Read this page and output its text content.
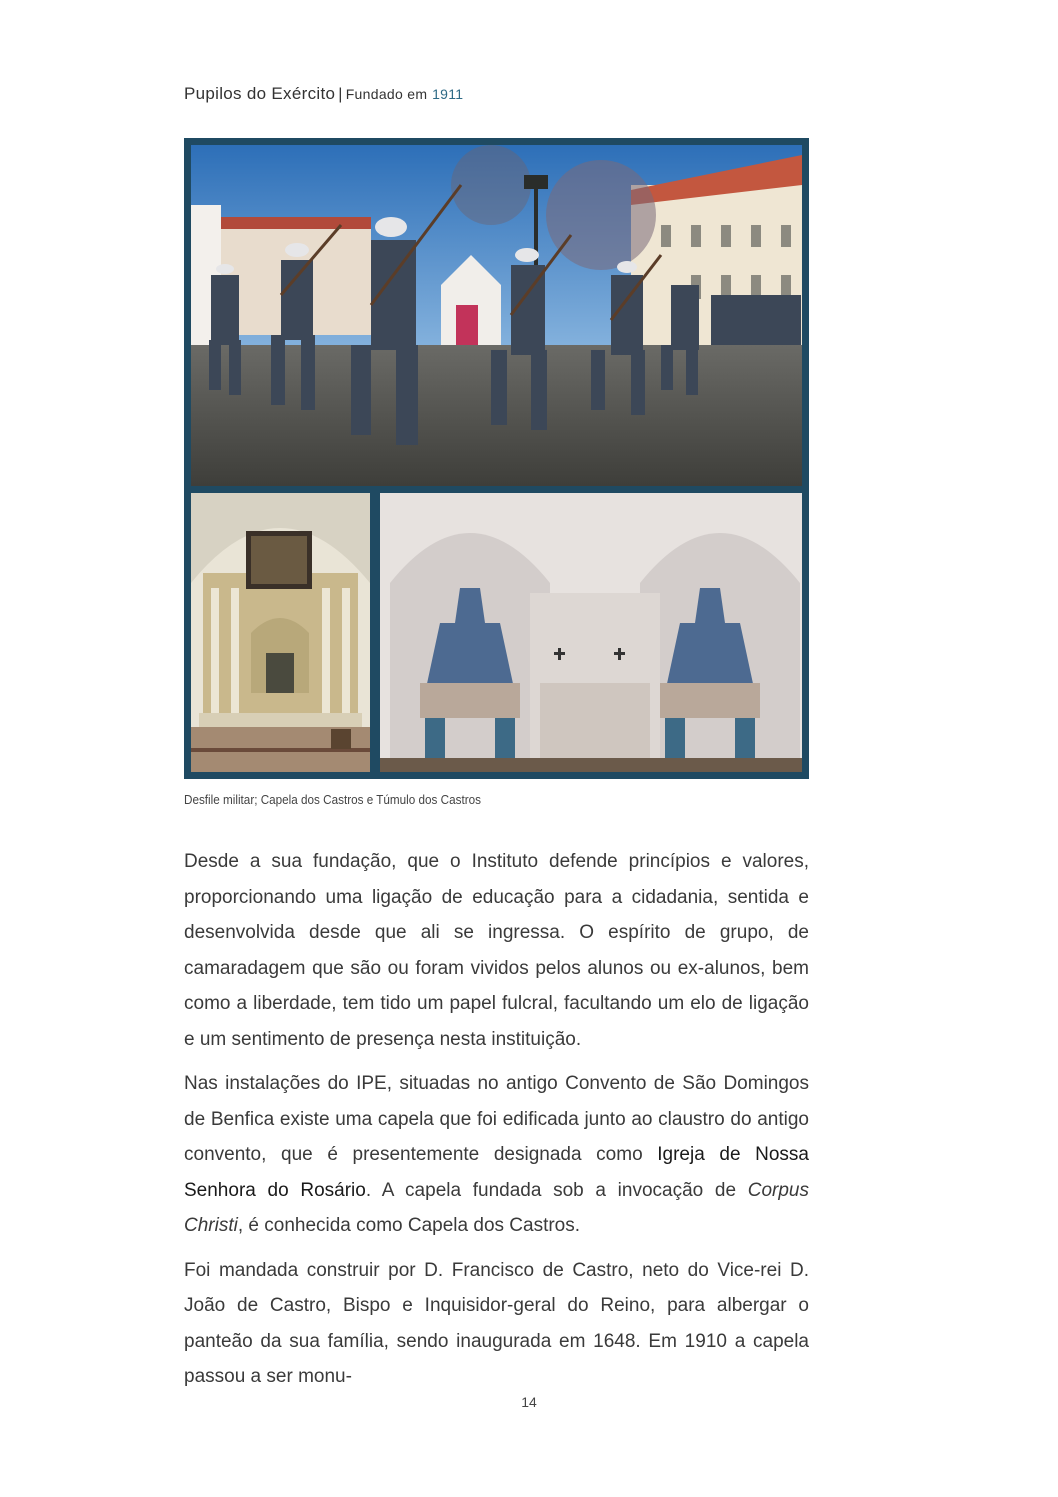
Pupilos do Exército | Fundado em 1911
Desfile militar; Capela dos Castros e Túmulo dos Castros

Desde a sua fundação, que o Instituto defende princípios e valores, proporcionando uma ligação de educação para a cidadania, sentida e desenvolvida desde que ali se ingressa. O espírito de grupo, de camaradagem que são ou foram vividos pelos alunos ou ex-alunos, bem como a liberdade, tem tido um papel fulcral, facultando um elo de ligação e um sentimento de presença nesta instituição.

Nas instalações do IPE, situadas no antigo Convento de São Domingos de Benfica existe uma capela que foi edificada junto ao claustro do antigo convento, que é presentemente designada como Igreja de Nossa Senhora do Rosário. A capela fundada sob a invocação de Corpus Christi, é conhecida como Capela dos Castros.

Foi mandada construir por D. Francisco de Castro, neto do Vice-rei D. João de Castro, Bispo e Inquisidor-geral do Reino, para albergar o panteão da sua família, sendo inaugurada em 1648. Em 1910 a capela passou a ser monu-

14
